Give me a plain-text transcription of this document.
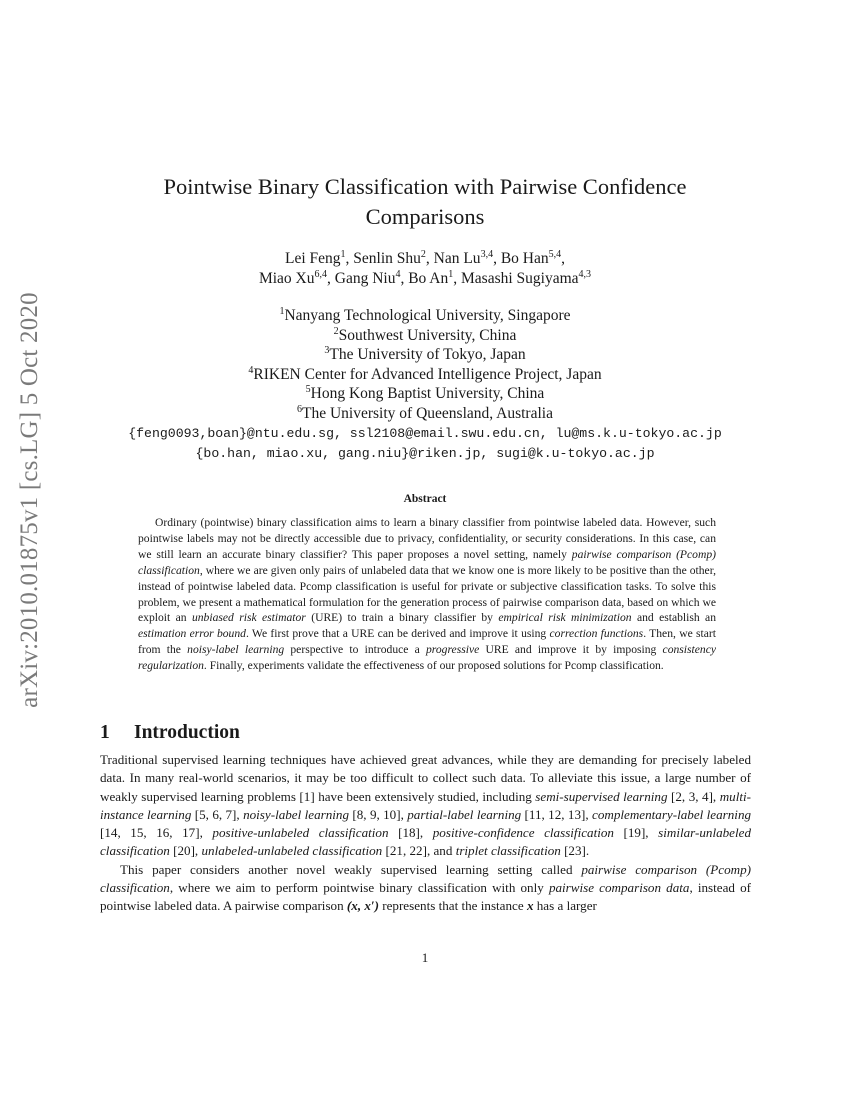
arXiv:2010.01875v1 [cs.LG] 5 Oct 2020
Pointwise Binary Classification with Pairwise Confidence
Comparisons
Lei Feng$^1$, Senlin Shu$^2$, Nan Lu$^{3,4}$, Bo Han$^{5,4}$,
Miao Xu$^{6,4}$, Gang Niu$^4$, Bo An$^1$, Masashi Sugiyama$^{4,3}$
$^1$Nanyang Technological University, Singapore
$^2$Southwest University, China
$^3$The University of Tokyo, Japan
$^4$RIKEN Center for Advanced Intelligence Project, Japan
$^5$Hong Kong Baptist University, China
$^6$The University of Queensland, Australia
{feng0093,boan}@ntu.edu.sg, ssl2108@email.swu.edu.cn, lu@ms.k.u-tokyo.ac.jp
{bo.han, miao.xu, gang.niu}@riken.jp, sugi@k.u-tokyo.ac.jp
Abstract

Ordinary (pointwise) binary classification aims to learn a binary classifier from pointwise labeled data. However, such pointwise labels may not be directly accessible due to privacy, confidentiality, or security considerations. In this case, can we still learn an accurate binary classifier? This paper proposes a novel setting, namely pairwise comparison (Pcomp) classification, where we are given only pairs of unlabeled data that we know one is more likely to be positive than the other, instead of pointwise labeled data. Pcomp classification is useful for private or subjective classification tasks. To solve this problem, we present a mathematical formulation for the generation process of pairwise comparison data, based on which we exploit an unbiased risk estimator (URE) to train a binary classifier by empirical risk minimization and establish an estimation error bound. We first prove that a URE can be derived and improve it using correction functions. Then, we start from the noisy-label learning perspective to introduce a progressive URE and improve it by imposing consistency regularization. Finally, experiments validate the effectiveness of our proposed solutions for Pcomp classification.

1 Introduction

Traditional supervised learning techniques have achieved great advances, while they are demanding for precisely labeled data. In many real-world scenarios, it may be too difficult to collect such data. To alleviate this issue, a large number of weakly supervised learning problems [1] have been extensively studied, including semi-supervised learning [2, 3, 4], multi-instance learning [5, 6, 7], noisy-label learning [8, 9, 10], partial-label learning [11, 12, 13], complementary-label learning [14, 15, 16, 17], positive-unlabeled classification [18], positive-confidence classification [19], similar-unlabeled classification [20], unlabeled-unlabeled classification [21, 22], and triplet classification [23].

This paper considers another novel weakly supervised learning setting called pairwise comparison (Pcomp) classification, where we aim to perform pointwise binary classification with only pairwise comparison data, instead of pointwise labeled data. A pairwise comparison (x, x′) represents that the instance x has a larger

1
